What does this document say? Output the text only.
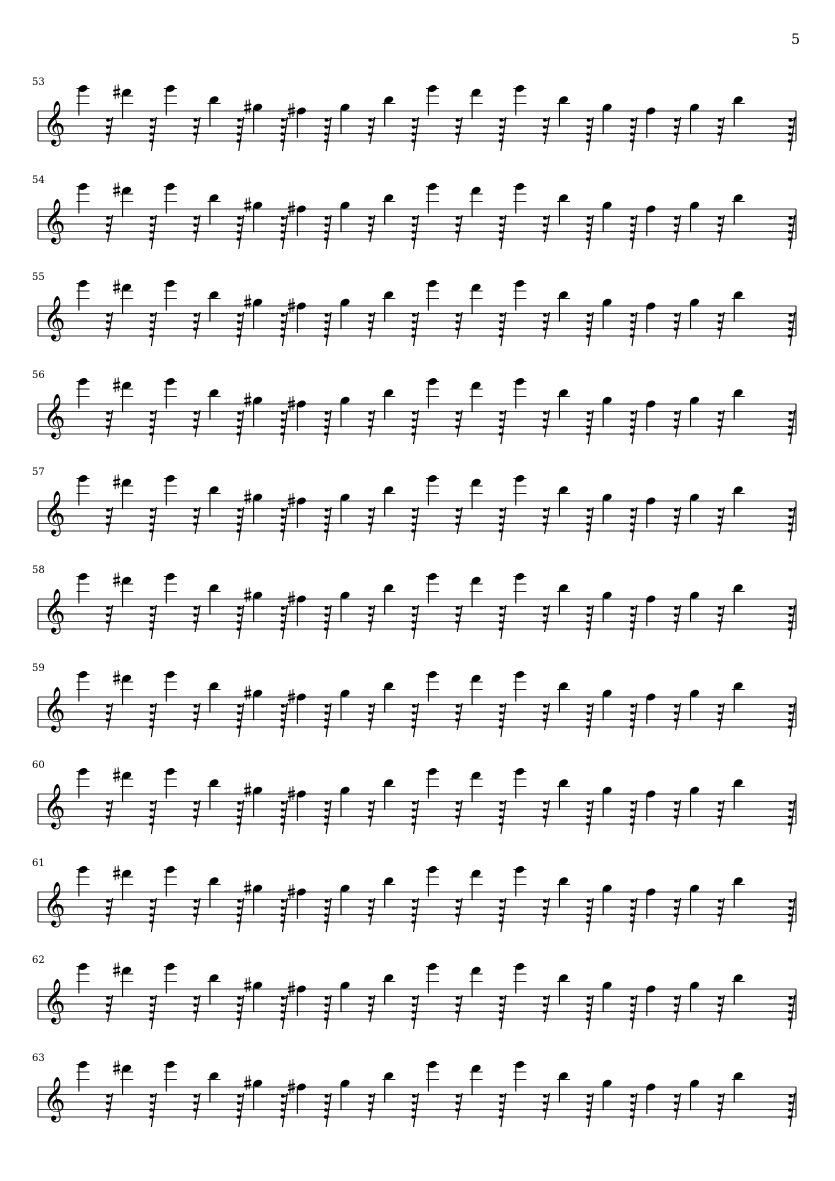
5
53
𝄞
54
𝄞
55
𝄞
56
𝄞
57
𝄞
58
𝄞
59
𝄞
60
𝄞
61
𝄞
62
𝄞
63
𝄞
